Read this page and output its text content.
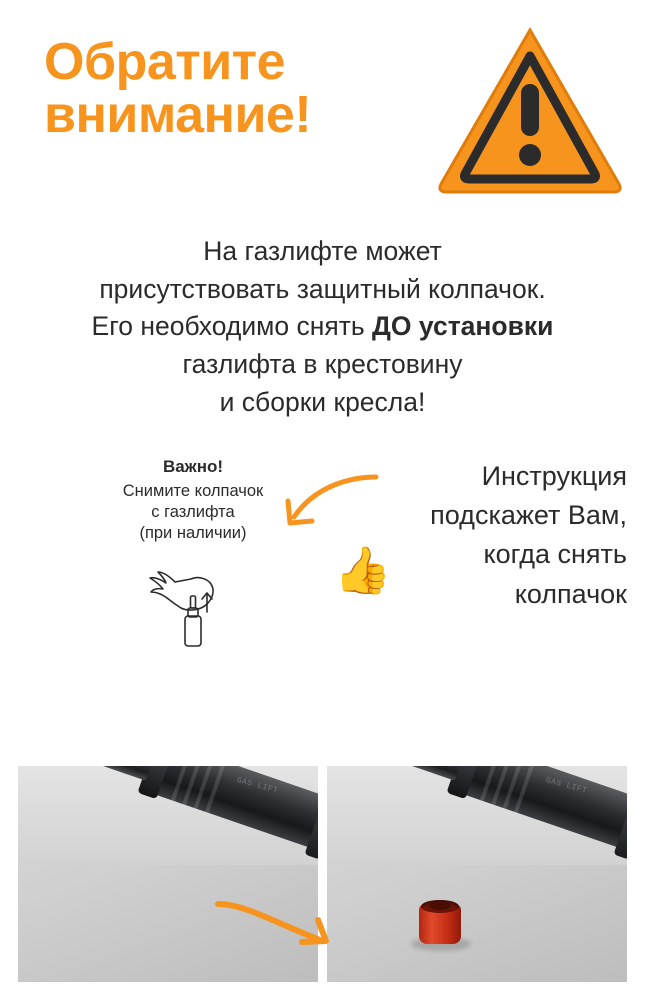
Обратите
внимание!
На газлифте может
присутствовать защитный колпачок.
Его необходимо снять ДО установки
газлифта в крестовину
и сборки кресла!
Важно!
Снимите колпачок
с газлифта
(при наличии)
Инструкция
подскажет Вам,
когда снять
колпачок
👍
GAS LIFT	GAS LIFT
